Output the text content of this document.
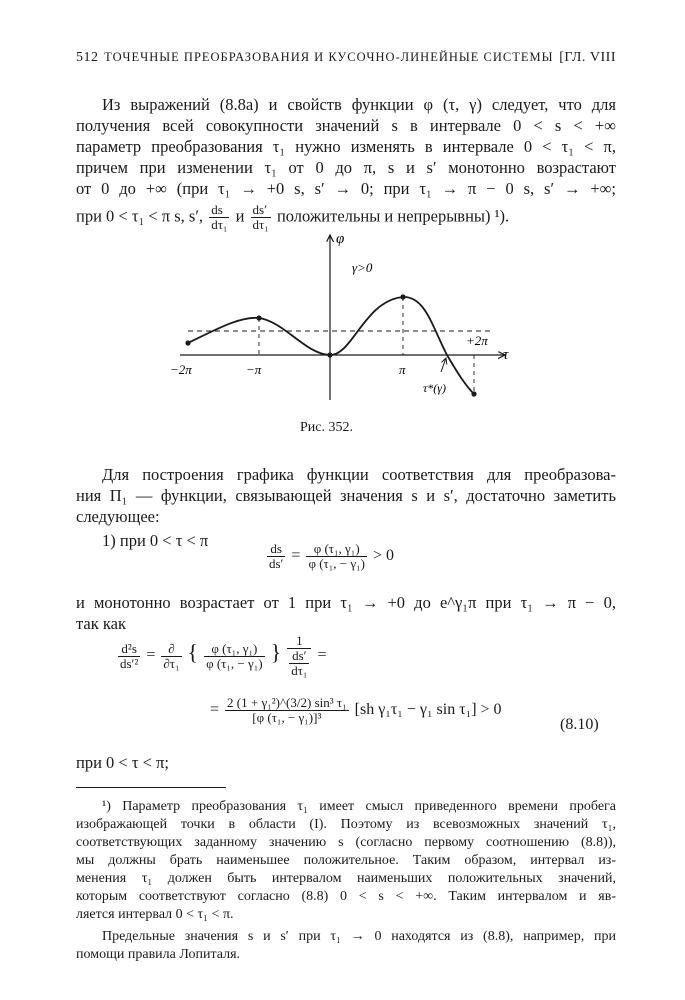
512 ТОЧЕЧНЫЕ ПРЕОБРАЗОВАНИЯ И КУСОЧНО-ЛИНЕЙНЫЕ СИСТЕМЫ [ГЛ. VIII
Из выражений (8.8а) и свойств функции φ (τ, γ) следует, что для
получения всей совокупности значений s в интервале 0 < s < +∞
параметр преобразования τ₁ нужно изменять в интервале 0 < τ₁ < π,
причем при изменении τ₁ от 0 до π, s и s′ монотонно возрастают
от 0 до +∞ (при τ₁ → +0 s, s′ → 0; при τ₁ → π − 0 s, s′ → +∞;
при 0 < τ₁ < π s, s′, $\frac{ds}{\text{dτ₁}}$ и $\frac{ds'}{\text{dτ₁}}$ положительны и непрерывны) ¹).
φ
τ
γ>0
+2π
−2π	−π	π
τ*(γ)
Рис. 352.
Для построения графика функции соответствия для преобразова-
ния Π₁ — функции, связывающей значения s и s′, достаточно заметить
следующее:
1) при 0 < τ < π
$\frac{ds}{ds'} = \frac{\text{φ (τ₁, γ₁)}}{\text{φ (τ₁, − γ₁)}} > 0$
и монотонно возрастает от 1 при τ₁ → +0 до e^γ₁π при τ₁ → π − 0,
так как
$\frac{\text{d²s}}{\text{ds′²}} = \frac{\partial}{\text{∂τ₁}}$ { $\frac{\text{φ (τ₁, γ₁)}}{\text{φ (τ₁, − γ₁)}}$ } $\frac{1}{\frac{ds'}{\text{dτ₁}}}$ =
= $\frac{\text{2 (1 + γ₁²)\textasciicircum{}(3/2) sin³ τ₁}}{\text{[φ (τ₁, − γ₁)]³}} [sh$ γ₁τ₁ − γ₁ sin τ₁] > 0
(8.10)
при 0 < τ < π;
¹) Параметр преобразования τ₁ имеет смысл приведенного времени пробега
изображающей точки в области (I). Поэтому из всевозможных значений τ₁,
соответствующих заданному значению s (согласно первому соотношению (8.8)),
мы должны брать наименьшее положительное. Таким образом, интервал из-
менения τ₁ должен быть интервалом наименьших положительных значений,
которым соответствуют согласно (8.8) 0 < s < +∞. Таким интервалом и яв-
ляется интервал 0 < τ₁ < π.
Предельные значения s и s′ при τ₁ → 0 находятся из (8.8), например, при
помощи правила Лопиталя.
